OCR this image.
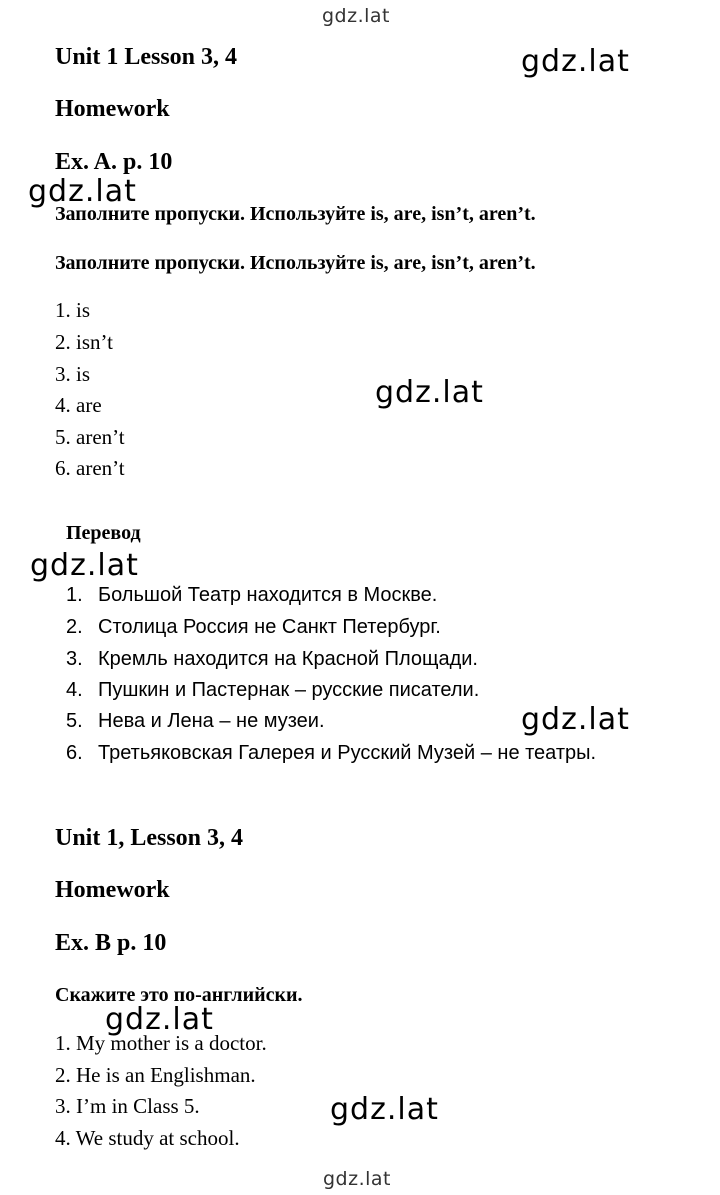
gdz.lat
Unit 1 Lesson 3, 4
Homework
Ex. A. p. 10
Заполните пропуски. Используйте is, are, isn’t, aren’t.
Заполните пропуски. Используйте is, are, isn’t, aren’t.
1. is
2. isn’t
3. is
4. are
5. aren’t
6. aren’t
Перевод
1. Большой Театр находится в Москве.
2. Столица Россия не Санкт Петербург.
3. Кремль находится на Красной Площади.
4. Пушкин и Пастернак – русские писатели.
5. Нева и Лена – не музеи.
6. Третьяковская Галерея и Русский Музей – не театры.
Unit 1, Lesson 3, 4
Homework
Ex. B p. 10
Скажите это по-английски.
1. My mother is a doctor.
2. He is an Englishman.
3. I’m in Class 5.
4. We study at school.
gdz.lat
gdz.lat
gdz.lat
gdz.lat
gdz.lat
gdz.lat
gdz.lat
gdz.lat
